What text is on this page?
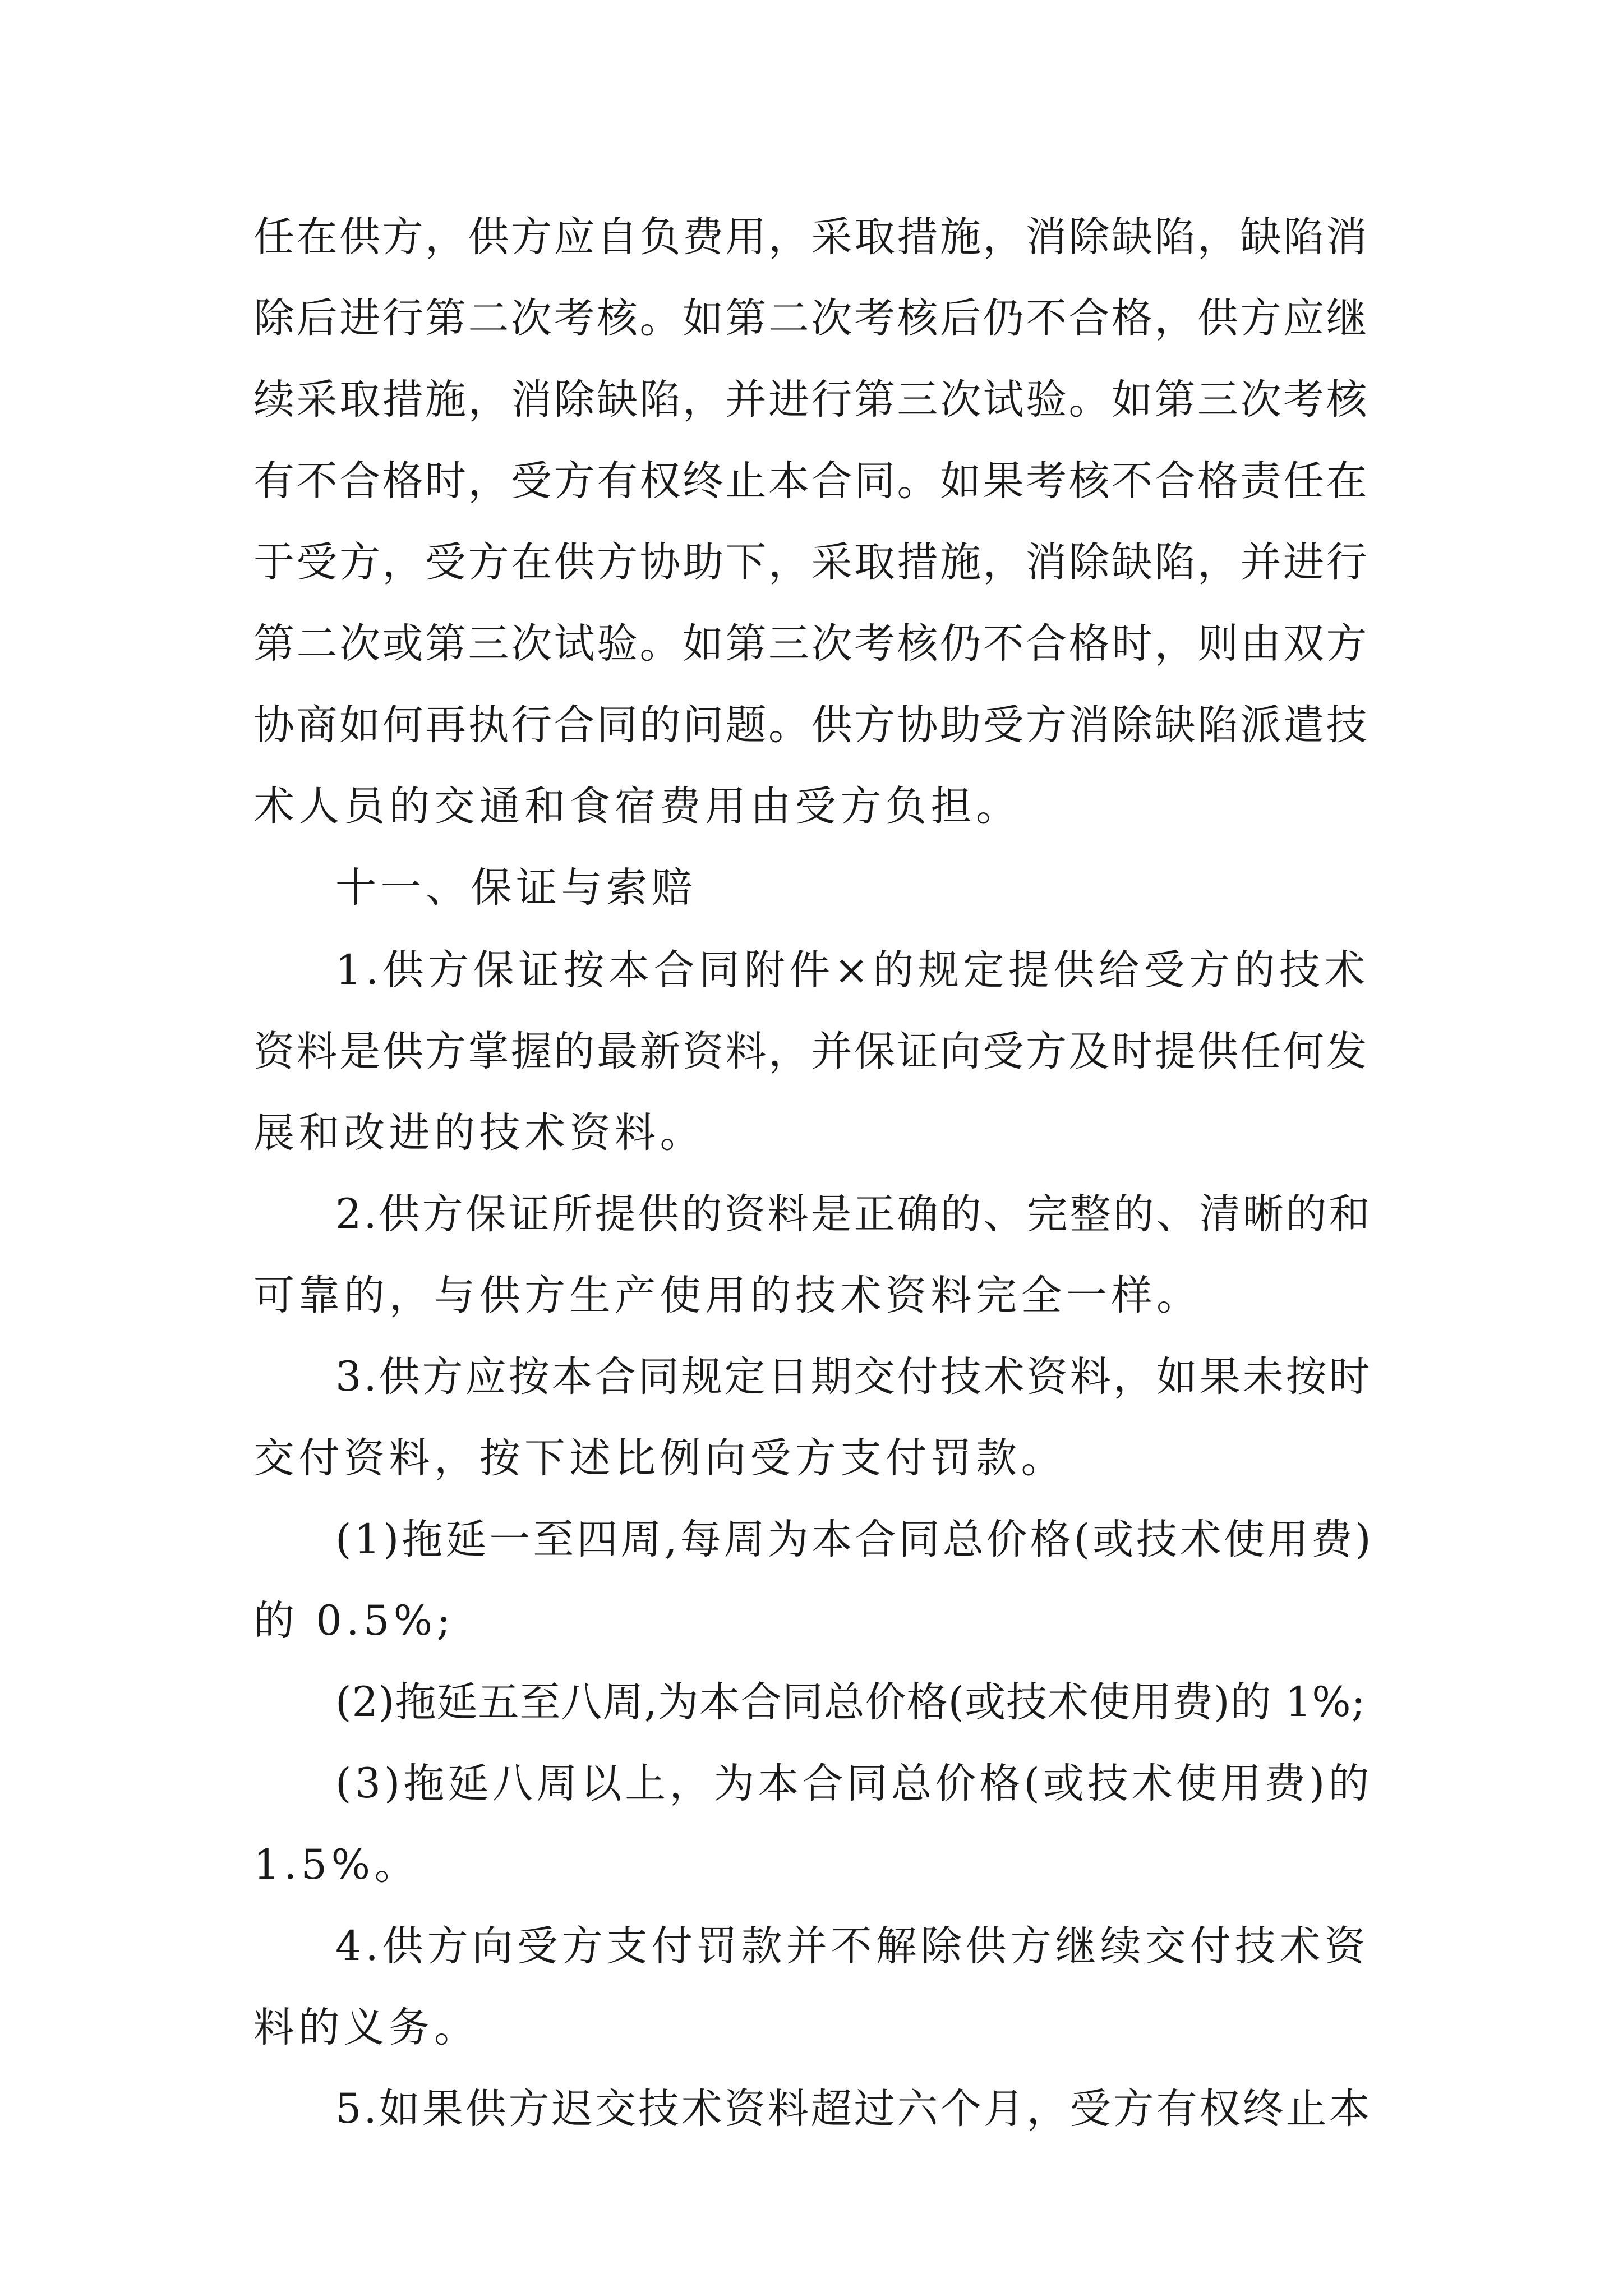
任在供方，供方应自负费用，采取措施，消除缺陷，缺陷消
除后进行第二次考核。如第二次考核后仍不合格，供方应继
续采取措施，消除缺陷，并进行第三次试验。如第三次考核
有不合格时，受方有权终止本合同。如果考核不合格责任在
于受方，受方在供方协助下，采取措施，消除缺陷，并进行
第二次或第三次试验。如第三次考核仍不合格时，则由双方
协商如何再执行合同的问题。供方协助受方消除缺陷派遣技
术人员的交通和食宿费用由受方负担。
十一、保证与索赔
1.供方保证按本合同附件×的规定提供给受方的技术
资料是供方掌握的最新资料，并保证向受方及时提供任何发
展和改进的技术资料。
2.供方保证所提供的资料是正确的、完整的、清晰的和
可靠的，与供方生产使用的技术资料完全一样。
3.供方应按本合同规定日期交付技术资料，如果未按时
交付资料，按下述比例向受方支付罚款。
(1)拖延一至四周,每周为本合同总价格(或技术使用费)
的 0.5%;
(2)拖延五至八周,为本合同总价格(或技术使用费)的 1%;
(3)拖延八周以上，为本合同总价格(或技术使用费)的
1.5%。
4.供方向受方支付罚款并不解除供方继续交付技术资
料的义务。
5.如果供方迟交技术资料超过六个月，受方有权终止本
